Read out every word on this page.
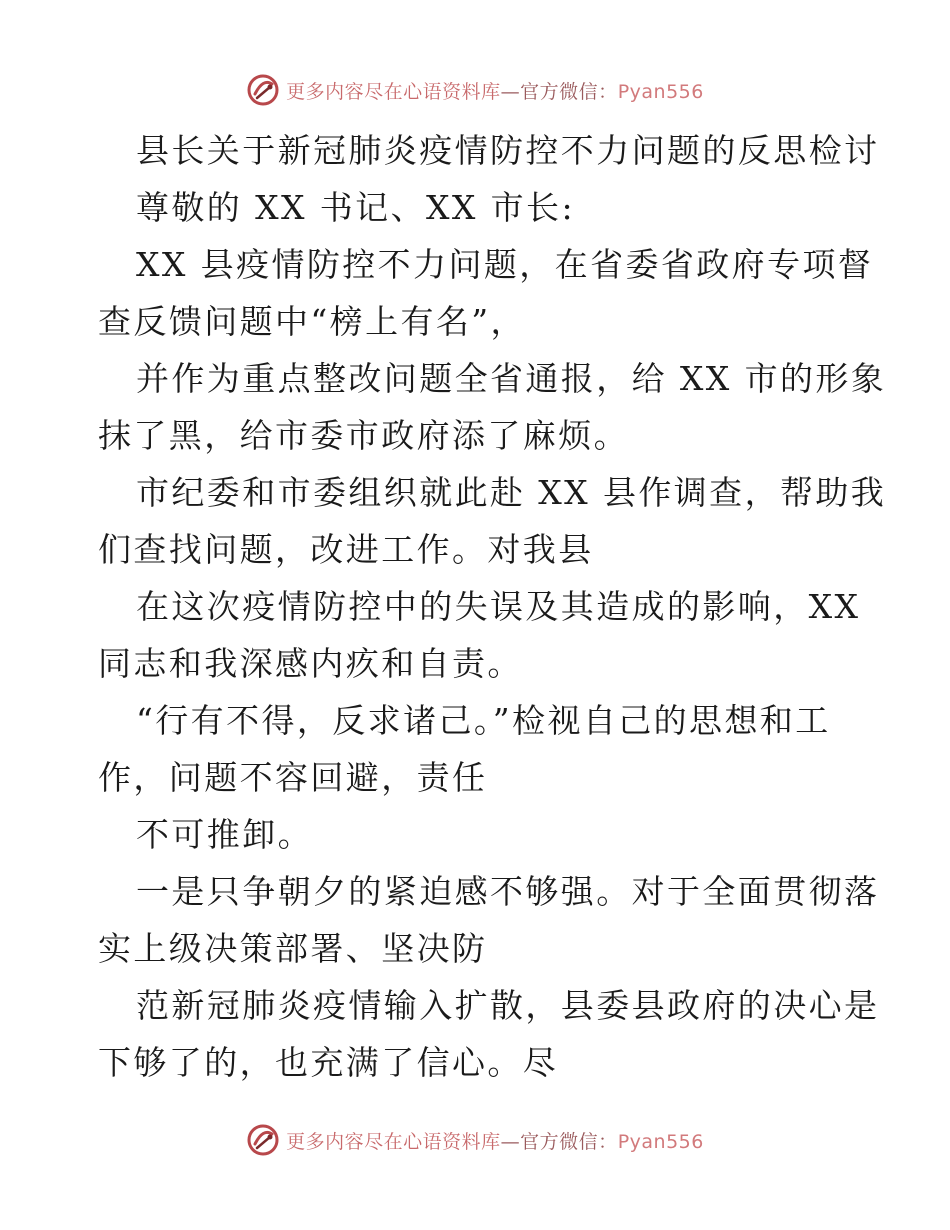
更多内容尽在心语资料库—官方微信：Pyan556
县长关于新冠肺炎疫情防控不力问题的反思检讨
尊敬的 XX 书记、XX 市长:
XX 县疫情防控不力问题，在省委省政府专项督
查反馈问题中“榜上有名”，
并作为重点整改问题全省通报，给 XX 市的形象
抹了黑，给市委市政府添了麻烦。
市纪委和市委组织就此赴 XX 县作调查，帮助我
们查找问题，改进工作。对我县
在这次疫情防控中的失误及其造成的影响，XX
同志和我深感内疚和自责。
“行有不得，反求诸己。”检视自己的思想和工
作，问题不容回避，责任
不可推卸。
一是只争朝夕的紧迫感不够强。对于全面贯彻落
实上级决策部署、坚决防
范新冠肺炎疫情输入扩散，县委县政府的决心是
下够了的，也充满了信心。尽
更多内容尽在心语资料库—官方微信：Pyan556
